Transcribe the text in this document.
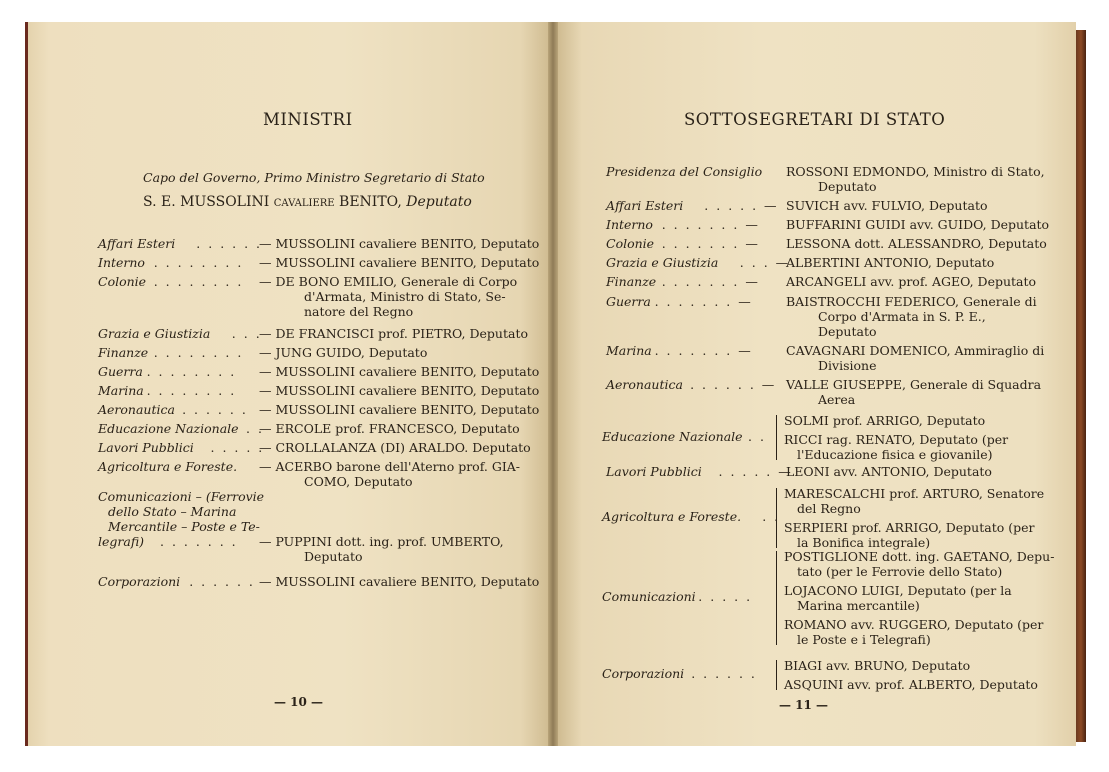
MINISTRI
Capo del Governo, Primo Ministro Segretario di Stato
S. E. MUSSOLINI cavaliere BENITO, Deputato
Affari Esteri . . . . . .
— MUSSOLINI cavaliere BENITO, Deputato
Interno . . . . . . . . — MUSSOLINI cavaliere BENITO, Deputato
Colonie . . . . . . . . — DE BONO EMILIO, Generale di Corpo
d'Armata, Ministro di Stato, Se-
natore del Regno
Grazia e Giustizia . . .
— DE FRANCISCI prof. PIETRO, Deputato
Finanze . . . . . . . . — JUNG GUIDO, Deputato
Guerra . . . . . . . . — MUSSOLINI cavaliere BENITO, Deputato
Marina . . . . . . . . — MUSSOLINI cavaliere BENITO, Deputato
Aeronautica . . . . . . — MUSSOLINI cavaliere BENITO, Deputato
Educazione Nazionale . .
— ERCOLE prof. FRANCESCO, Deputato
Lavori Pubblici . . . . .
— CROLLALANZA (DI) ARALDO. Deputato
Agricoltura e Foreste. — ACERBO barone dell'Aterno prof. GIA-
COMO, Deputato
Comunicazioni – (Ferrovie
dello Stato – Marina
Mercantile – Poste e Te-
legrafi) . . . . . . . — PUPPINI dott. ing. prof. UMBERTO,
Deputato
Corporazioni . . . . . . — MUSSOLINI cavaliere BENITO, Deputato
— 10 —
SOTTOSEGRETARI DI STATO
Presidenza del Consiglio ROSSONI EDMONDO, Ministro di Stato,
Deputato
Affari Esteri . . . . . — SUVICH avv. FULVIO, Deputato
Interno . . . . . . . — BUFFARINI GUIDI avv. GUIDO, Deputato
Colonie . . . . . . . — LESSONA dott. ALESSANDRO, Deputato
Grazia e Giustizia . . . —
ALBERTINI ANTONIO, Deputato
Finanze . . . . . . . — ARCANGELI avv. prof. AGEO, Deputato
Guerra . . . . . . . —	BAISTROCCHI FEDERICO, Generale di
Corpo d'Armata in S. P. E.,
Deputato
Marina . . . . . . . —	CAVAGNARI DOMENICO, Ammiraglio di
Divisione
Aeronautica . . . . . . — VALLE GIUSEPPE, Generale di Squadra
Aerea
Educazione Nazionale . .
SOLMI prof. ARRIGO, Deputato
RICCI rag. RENATO, Deputato (per
l'Educazione fisica e giovanile)
Lavori Pubblici . . . . . —
LEONI avv. ANTONIO, Deputato
Agricoltura e Foreste. . .
MARESCALCHI prof. ARTURO, Senatore
del Regno
SERPIERI prof. ARRIGO, Deputato (per
la Bonifica integrale)
Comunicazioni . . . . .
POSTIGLIONE dott. ing. GAETANO, Depu-
tato (per le Ferrovie dello Stato)
LOJACONO LUIGI, Deputato (per la
Marina mercantile)
ROMANO avv. RUGGERO, Deputato (per
le Poste e i Telegrafi)
Corporazioni . . . . . .
BIAGI avv. BRUNO, Deputato
ASQUINI avv. prof. ALBERTO, Deputato
— 11 —
